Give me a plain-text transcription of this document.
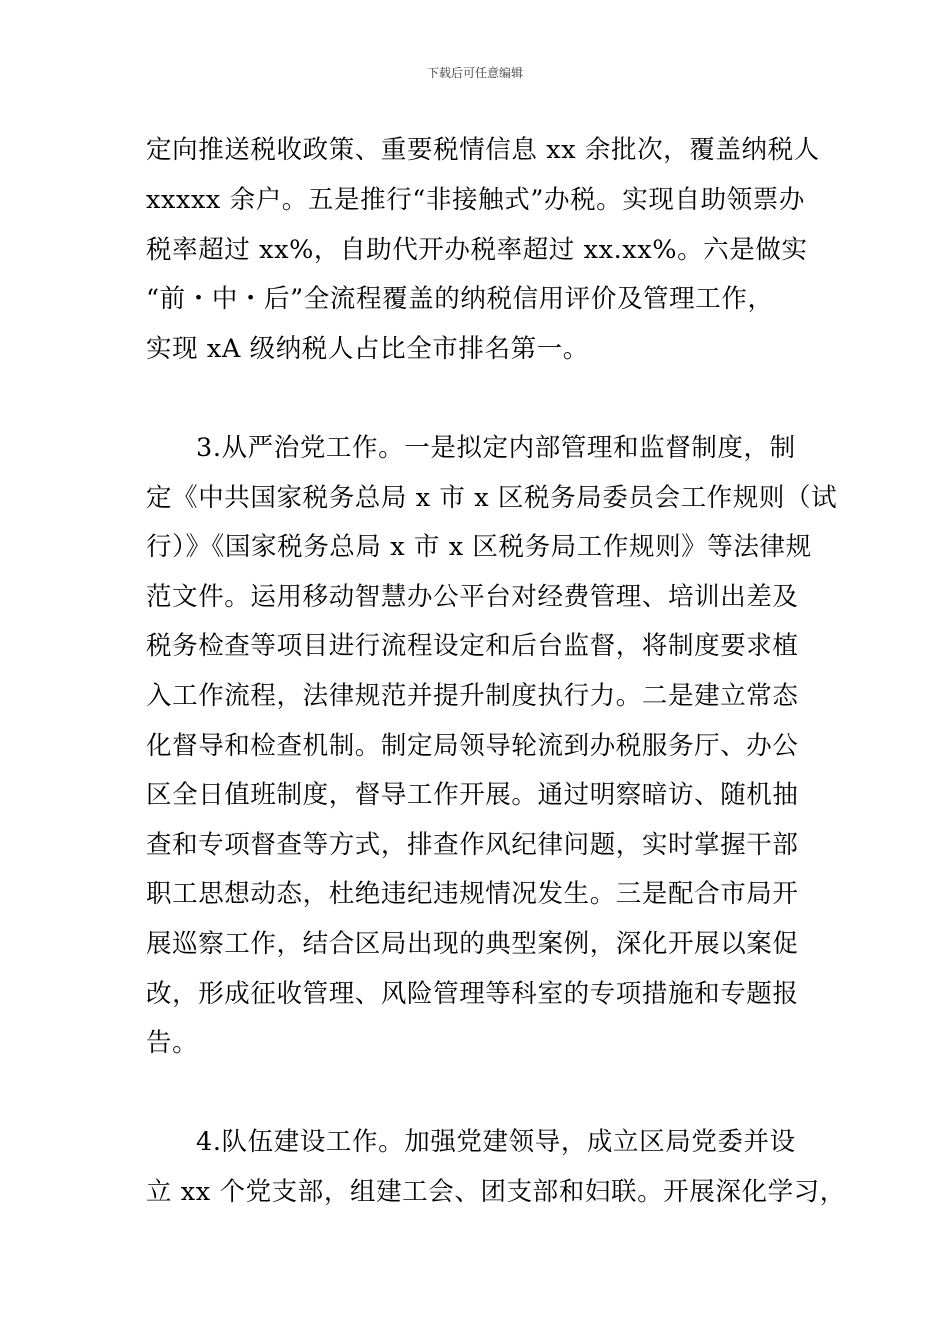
下载后可任意编辑
定向推送税收政策、重要税情信息 xx 余批次，覆盖纳税人
xxxxx 余户。五是推行“非接触式”办税。实现自助领票办
税率超过 xx%，自助代开办税率超过 xx.xx%。六是做实
“前・中・后”全流程覆盖的纳税信用评价及管理工作，
实现 xA 级纳税人占比全市排名第一。
3.从严治党工作。一是拟定内部管理和监督制度，制
定《中共国家税务总局 x 市 x 区税务局委员会工作规则（试
行）》《国家税务总局 x 市 x 区税务局工作规则》等法律规
范文件。运用移动智慧办公平台对经费管理、培训出差及
税务检查等项目进行流程设定和后台监督，将制度要求植
入工作流程，法律规范并提升制度执行力。二是建立常态
化督导和检查机制。制定局领导轮流到办税服务厅、办公
区全日值班制度，督导工作开展。通过明察暗访、随机抽
查和专项督查等方式，排查作风纪律问题，实时掌握干部
职工思想动态，杜绝违纪违规情况发生。三是配合市局开
展巡察工作，结合区局出现的典型案例，深化开展以案促
改，形成征收管理、风险管理等科室的专项措施和专题报
告。
4.队伍建设工作。加强党建领导，成立区局党委并设
立 xx 个党支部，组建工会、团支部和妇联。开展深化学习，
